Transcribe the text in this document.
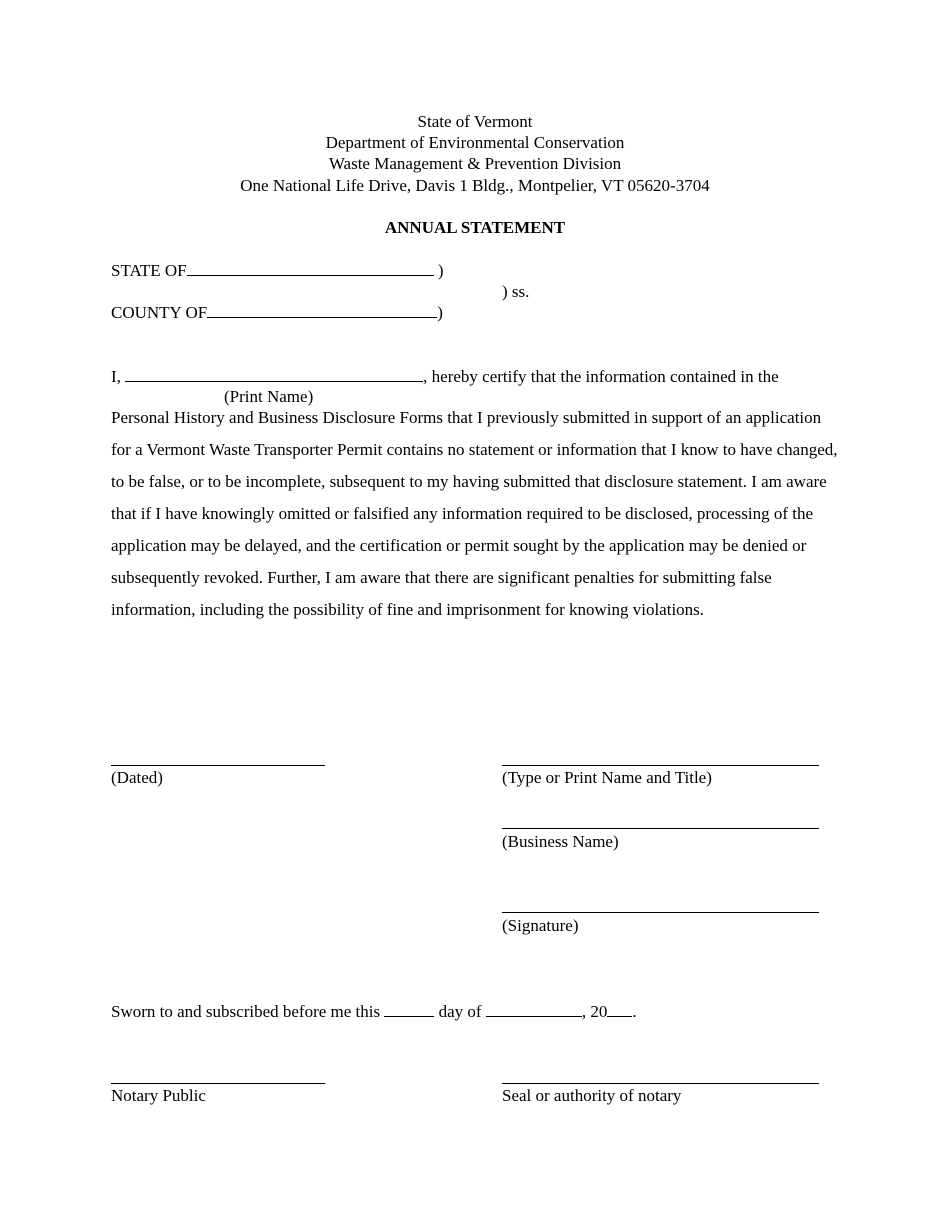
State of Vermont
Department of Environmental Conservation
Waste Management & Prevention Division
One National Life Drive, Davis 1 Bldg., Montpelier, VT 05620-3704
ANNUAL STATEMENT
STATE OF	)
) ss.
COUNTY OF	)
I,	, hereby certify that the information contained in the
(Print Name)
Personal History and Business Disclosure Forms that I previously submitted in support of an application for a Vermont Waste Transporter Permit contains no statement or information that I know to have changed, to be false, or to be incomplete, subsequent to my having submitted that disclosure statement. I am aware that if I have knowingly omitted or falsified any information required to be disclosed, processing of the application may be delayed, and the certification or permit sought by the application may be denied or subsequently revoked. Further, I am aware that there are significant penalties for submitting false information, including the possibility of fine and imprisonment for knowing violations.
(Dated)	(Type or Print Name and Title)
(Business Name)
(Signature)
Sworn to and subscribed before me this	day of	, 20 .
Notary Public	Seal or authority of notary
